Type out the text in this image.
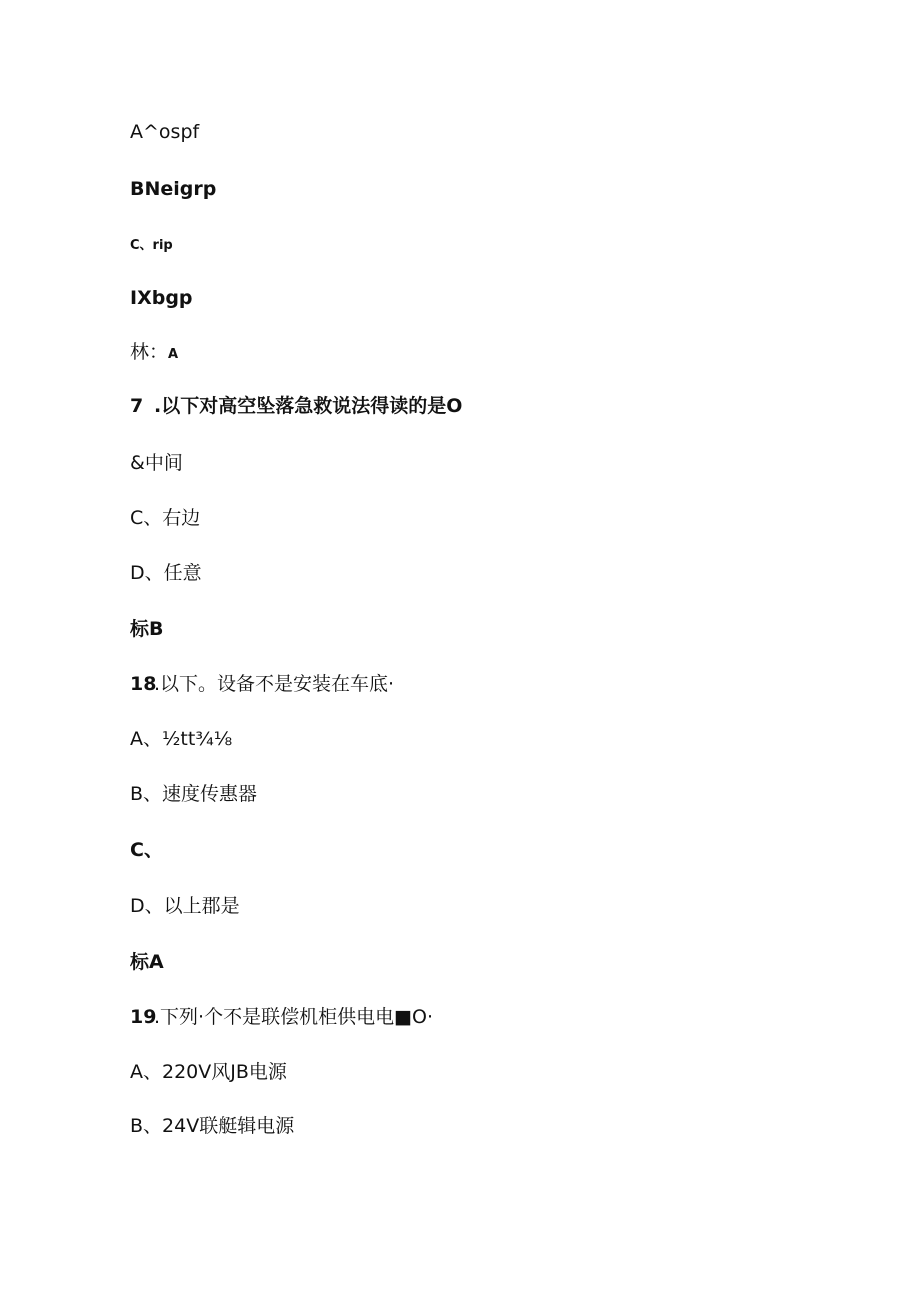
A^ospf
BNeigrp
C、rip
IXbgp
林：A
7 .以下对高空坠落急救说法得读的是O
&中间
C、右边
D、任意
标B
18.以下。设备不是安装在车底·
A、½tt¾⅛
B、速度传惠器
C、
D、以上郡是
标A
19.下列·个不是联偿机柜供电电■O·
A、220V风JB电源
B、24V联艇辑电源
